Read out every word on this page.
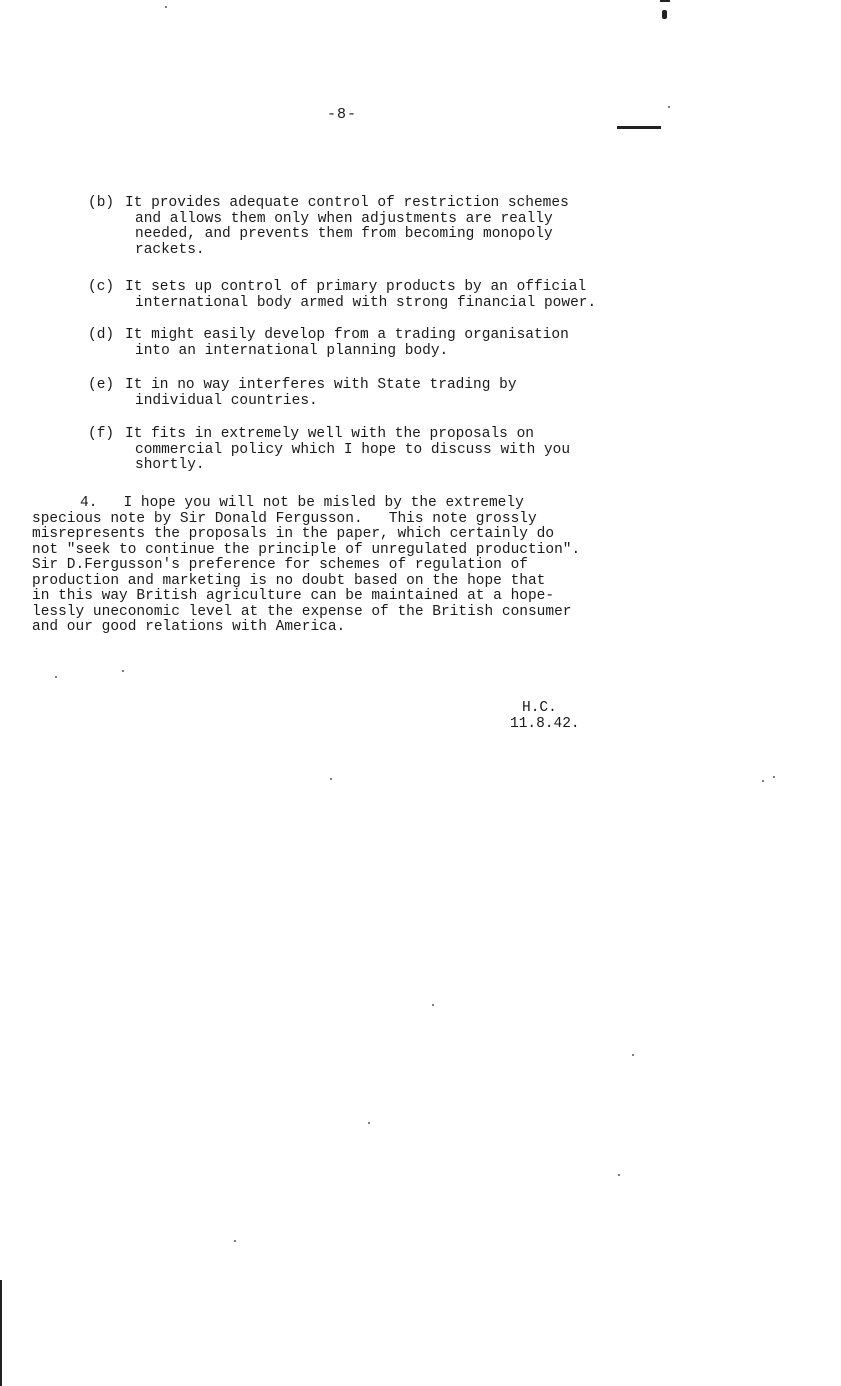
-8-
(b) It provides adequate control of restriction schemes
and allows them only when adjustments are really
needed, and prevents them from becoming monopoly
rackets.
(c) It sets up control of primary products by an official
international body armed with strong financial power.
(d) It might easily develop from a trading organisation
into an international planning body.
(e) It in no way interferes with State trading by
individual countries.
(f) It fits in extremely well with the proposals on
commercial policy which I hope to discuss with you
shortly.
4.   I hope you will not be misled by the extremely
specious note by Sir Donald Fergusson.   This note grossly
misrepresents the proposals in the paper, which certainly do
not "seek to continue the principle of unregulated production".
Sir D.Fergusson's preference for schemes of regulation of
production and marketing is no doubt based on the hope that
in this way British agriculture can be maintained at a hope-
lessly uneconomic level at the expense of the British consumer
and our good relations with America.
H.C.
11.8.42.
